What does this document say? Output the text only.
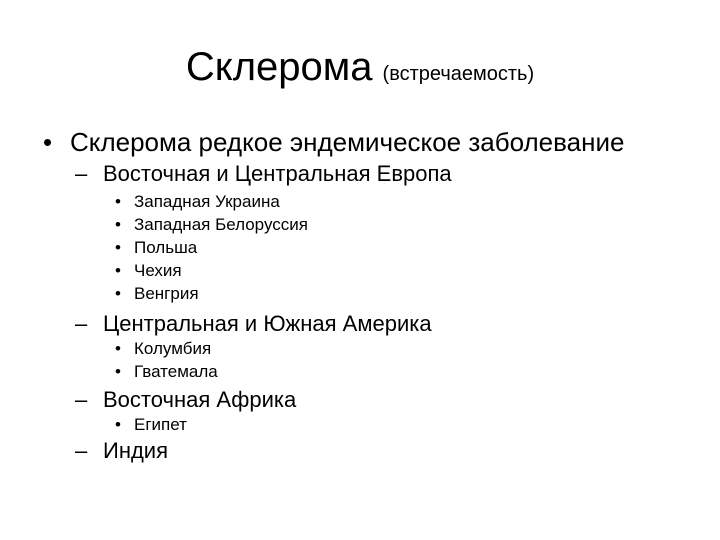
Склерома (встречаемость)
• Склерома редкое эндемическое заболевание
– Восточная и Центральная Европа
• Западная Украина
• Западная Белоруссия
• Польша
• Чехия
• Венгрия
– Центральная и Южная Америка
• Колумбия
• Гватемала
– Восточная Африка
• Египет
– Индия
